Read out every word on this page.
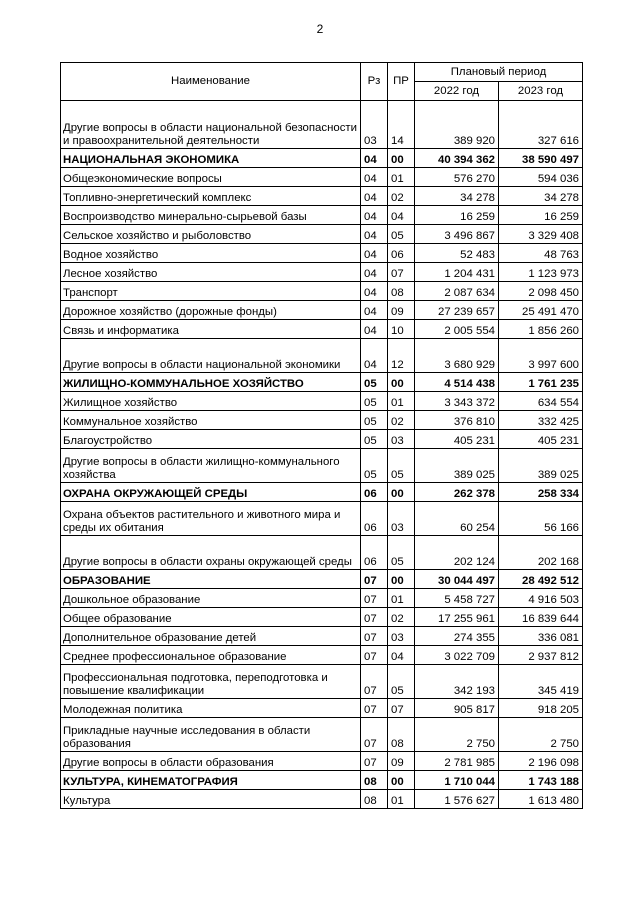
2
Наименование	Рз	ПР	Плановый период	
			2022 год	2023 год
Другие вопросы в области национальной безопасности и правоохранительной деятельности	03	14	389 920	327 616
НАЦИОНАЛЬНАЯ ЭКОНОМИКА	04	00	40 394 362	38 590 497
Общеэкономические вопросы	04	01	576 270	594 036
Топливно-энергетический комплекс	04	02	34 278	34 278
Воспроизводство минерально-сырьевой базы	04	04	16 259	16 259
Сельское хозяйство и рыболовство	04	05	3 496 867	3 329 408
Водное хозяйство	04	06	52 483	48 763
Лесное хозяйство	04	07	1 204 431	1 123 973
Транспорт	04	08	2 087 634	2 098 450
Дорожное хозяйство (дорожные фонды)	04	09	27 239 657	25 491 470
Связь и информатика	04	10	2 005 554	1 856 260
Другие вопросы в области национальной экономики	04	12	3 680 929	3 997 600
ЖИЛИЩНО-КОММУНАЛЬНОЕ ХОЗЯЙСТВО	05	00	4 514 438	1 761 235
Жилищное хозяйство	05	01	3 343 372	634 554
Коммунальное хозяйство	05	02	376 810	332 425
Благоустройство	05	03	405 231	405 231
Другие вопросы в области жилищно-коммунального хозяйства	05	05	389 025	389 025
ОХРАНА ОКРУЖАЮЩЕЙ СРЕДЫ	06	00	262 378	258 334
Охрана объектов растительного и животного мира и среды их обитания	06	03	60 254	56 166
Другие вопросы в области охраны окружающей среды	06	05	202 124	202 168
ОБРАЗОВАНИЕ	07	00	30 044 497	28 492 512
Дошкольное образование	07	01	5 458 727	4 916 503
Общее образование	07	02	17 255 961	16 839 644
Дополнительное образование детей	07	03	274 355	336 081
Среднее профессиональное образование	07	04	3 022 709	2 937 812
Профессиональная подготовка, переподготовка и повышение квалификации	07	05	342 193	345 419
Молодежная политика	07	07	905 817	918 205
Прикладные научные исследования в области образования	07	08	2 750	2 750
Другие вопросы в области образования	07	09	2 781 985	2 196 098
КУЛЬТУРА, КИНЕМАТОГРАФИЯ	08	00	1 710 044	1 743 188
Культура	08	01	1 576 627	1 613 480
